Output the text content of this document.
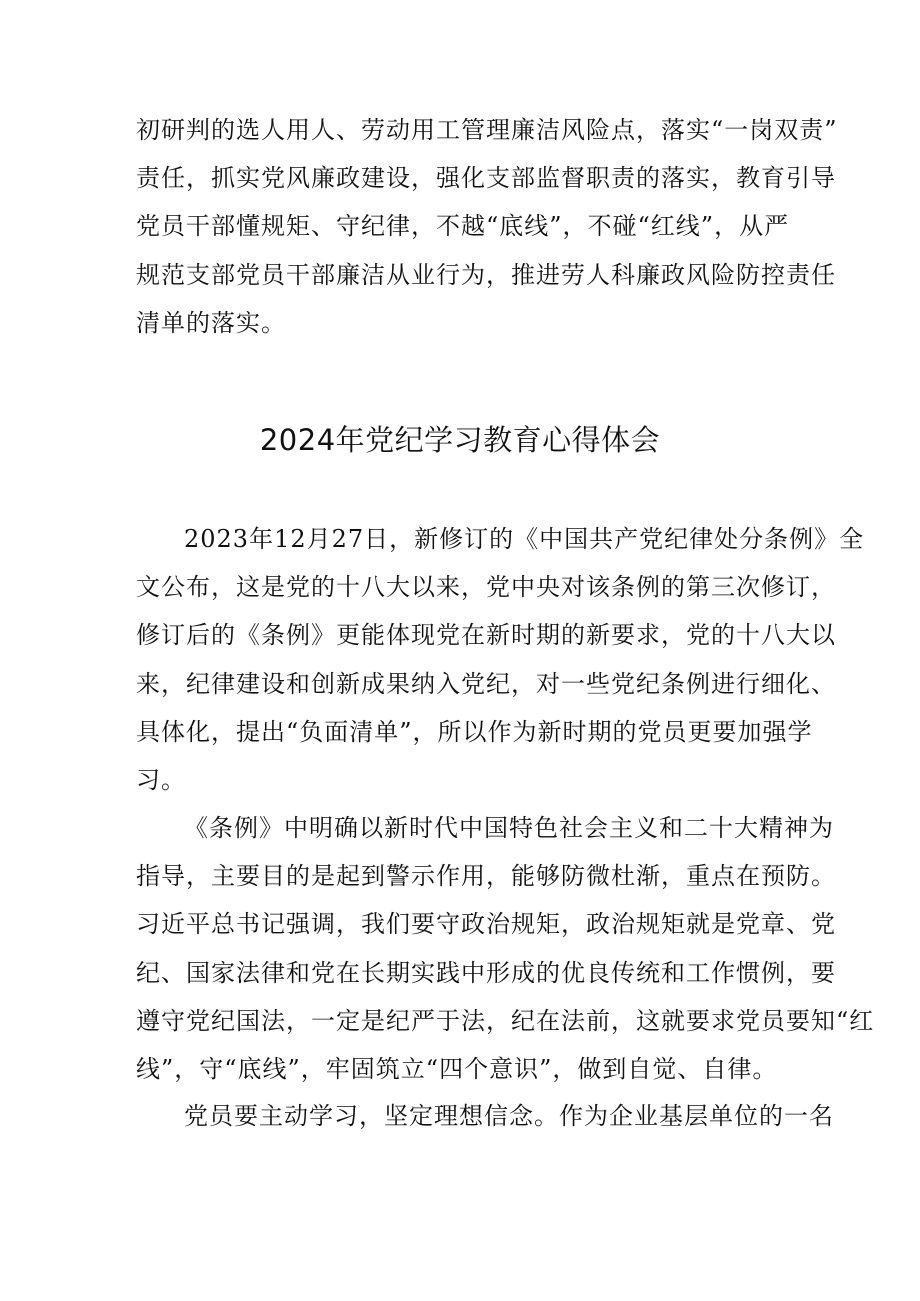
初研判的选人用人、劳动用工管理廉洁风险点，落实“一岗双责”
责任，抓实党风廉政建设，强化支部监督职责的落实，教育引导
党员干部懂规矩、守纪律，不越“底线”，不碰“红线”，从严
规范支部党员干部廉洁从业行为，推进劳人科廉政风险防控责任
清单的落实。
2024年党纪学习教育心得体会
2023年12月27日，新修订的《中国共产党纪律处分条例》全
文公布，这是党的十八大以来，党中央对该条例的第三次修订，
修订后的《条例》更能体现党在新时期的新要求，党的十八大以
来，纪律建设和创新成果纳入党纪，对一些党纪条例进行细化、
具体化，提出“负面清单”，所以作为新时期的党员更要加强学
习。
《条例》中明确以新时代中国特色社会主义和二十大精神为
指导，主要目的是起到警示作用，能够防微杜渐，重点在预防。
习近平总书记强调，我们要守政治规矩，政治规矩就是党章、党
纪、国家法律和党在长期实践中形成的优良传统和工作惯例，要
遵守党纪国法，一定是纪严于法，纪在法前，这就要求党员要知“红
线”，守“底线”，牢固筑立“四个意识”，做到自觉、自律。
党员要主动学习，坚定理想信念。作为企业基层单位的一名
